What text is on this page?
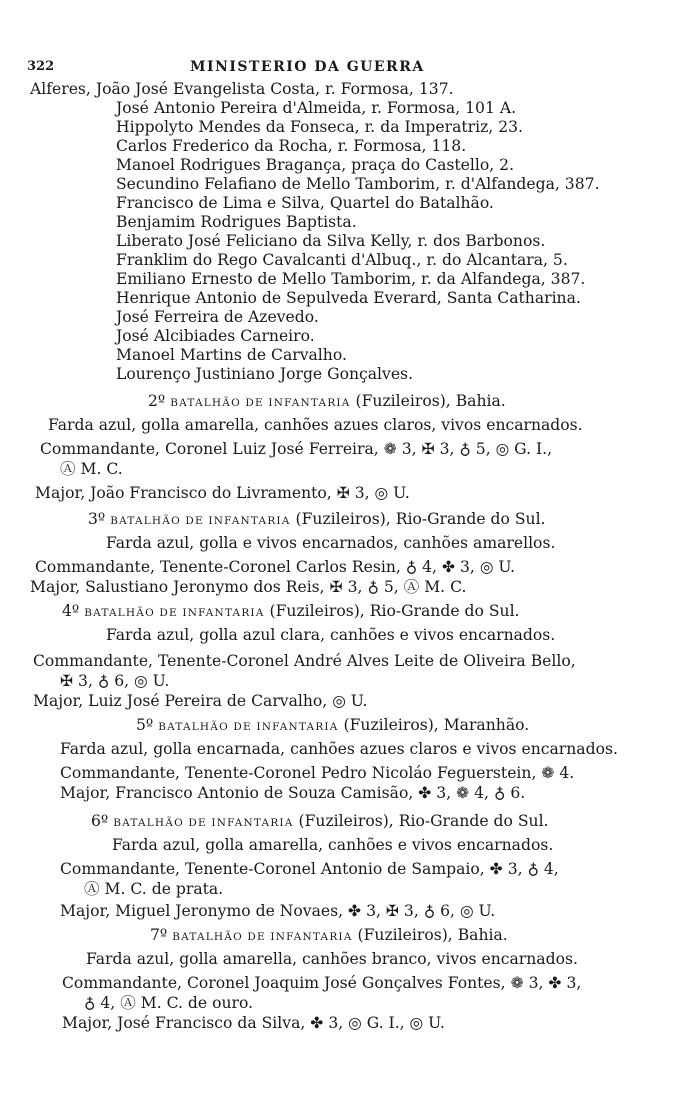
322	MINISTERIO DA GUERRA
Alferes, João José Evangelista Costa, r. Formosa, 137.
José Antonio Pereira d'Almeida, r. Formosa, 101 A.
Hippolyto Mendes da Fonseca, r. da Imperatriz, 23.
Carlos Frederico da Rocha, r. Formosa, 118.
Manoel Rodrigues Bragança, praça do Castello, 2.
Secundino Felafiano de Mello Tamborim, r. d'Alfandega, 387.
Francisco de Lima e Silva, Quartel do Batalhão.
Benjamim Rodrigues Baptista.
Liberato José Feliciano da Silva Kelly, r. dos Barbonos.
Franklim do Rego Cavalcanti d'Albuq., r. do Alcantara, 5.
Emiliano Ernesto de Mello Tamborim, r. da Alfandega, 387.
Henrique Antonio de Sepulveda Everard, Santa Catharina.
José Ferreira de Azevedo.
José Alcibiades Carneiro.
Manoel Martins de Carvalho.
Lourenço Justiniano Jorge Gonçalves.
2º BATALHÃO DE INFANTARIA (Fuzileiros), Bahia.
Farda azul, golla amarella, canhões azues claros, vivos encarnados.
Commandante, Coronel Luiz José Ferreira, ❁ 3, ✠ 3, ♁ 5, ◎ G. I.,
Ⓐ M. C.
Major, João Francisco do Livramento, ✠ 3, ◎ U.
3º BATALHÃO DE INFANTARIA (Fuzileiros), Rio-Grande do Sul.
Farda azul, golla e vivos encarnados, canhões amarellos.
Commandante, Tenente-Coronel Carlos Resin, ♁ 4, ✤ 3, ◎ U.
Major, Salustiano Jeronymo dos Reis, ✠ 3, ♁ 5, Ⓐ M. C.
4º BATALHÃO DE INFANTARIA (Fuzileiros), Rio-Grande do Sul.
Farda azul, golla azul clara, canhões e vivos encarnados.
Commandante, Tenente-Coronel André Alves Leite de Oliveira Bello,
✠ 3, ♁ 6, ◎ U.
Major, Luiz José Pereira de Carvalho, ◎ U.
5º BATALHÃO DE INFANTARIA (Fuzileiros), Maranhão.
Farda azul, golla encarnada, canhões azues claros e vivos encarnados.
Commandante, Tenente-Coronel Pedro Nicoláo Feguerstein, ❁ 4.
Major, Francisco Antonio de Souza Camisão, ✤ 3, ❁ 4, ♁ 6.
6º BATALHÃO DE INFANTARIA (Fuzileiros), Rio-Grande do Sul.
Farda azul, golla amarella, canhões e vivos encarnados.
Commandante, Tenente-Coronel Antonio de Sampaio, ✤ 3, ♁ 4,
Ⓐ M. C. de prata.
Major, Miguel Jeronymo de Novaes, ✤ 3, ✠ 3, ♁ 6, ◎ U.
7º BATALHÃO DE INFANTARIA (Fuzileiros), Bahia.
Farda azul, golla amarella, canhões branco, vivos encarnados.
Commandante, Coronel Joaquim José Gonçalves Fontes, ❁ 3, ✤ 3,
♁ 4, Ⓐ M. C. de ouro.
Major, José Francisco da Silva, ✤ 3, ◎ G. I., ◎ U.
